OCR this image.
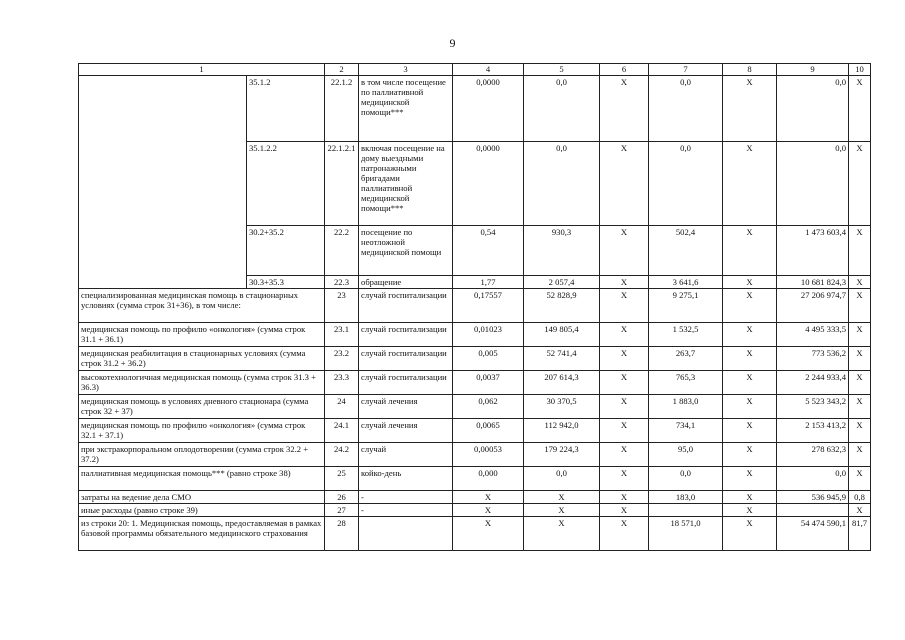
9
1		2	3	4	5	6	7	8	9	10
	35.1.2	22.1.2	в том числе посещение по паллиативной медицинской помощи***	0,0000	0,0	X	0,0	X	0,0	X
	35.1.2.2	22.1.2.1	включая посещение на дому выездными патронажными бригадами паллиативной медицинской помощи***	0,0000	0,0	X	0,0	X	0,0	X
	30.2+35.2	22.2	посещение по неотложной медицинской помощи	0,54	930,3	X	502,4	X	1 473 603,4	X
	30.3+35.3	22.3	обращение	1,77	2 057,4	X	3 641,6	X	10 681 824,3	X
специализированная медицинская помощь в стационарных условиях (сумма строк 31+36), в том числе:		23	случай госпитализации	0,17557	52 828,9	X	9 275,1	X	27 206 974,7	X
медицинская помощь по профилю «онкология» (сумма строк 31.1 + 36.1)		23.1	случай госпитализации	0,01023	149 805,4	X	1 532,5	X	4 495 333,5	X
медицинская реабилитация в стационарных условиях (сумма строк 31.2 + 36.2)		23.2	случай госпитализации	0,005	52 741,4	X	263,7	X	773 536,2	X
высокотехнологичная медицинская помощь (сумма строк 31.3 + 36.3)		23.3	случай госпитализации	0,0037	207 614,3	X	765,3	X	2 244 933,4	X
медицинская помощь в условиях дневного стационара (сумма строк 32 + 37)		24	случай лечения	0,062	30 370,5	X	1 883,0	X	5 523 343,2	X
медицинская помощь по профилю «онкология» (сумма строк 32.1 + 37.1)		24.1	случай лечения	0,0065	112 942,0	X	734,1	X	2 153 413,2	X
при экстракорпоральном оплодотворении (сумма строк 32.2 + 37.2)		24.2	случай	0,00053	179 224,3	X	95,0	X	278 632,3	X
паллиативная медицинская помощь*** (равно строке 38)		25	койко-день	0,000	0,0	X	0,0	X	0,0	X
затраты на ведение дела СМО		26	-	X	X	X	183,0	X	536 945,9	0,8
иные расходы (равно строке 39)		27	-	X	X	X		X		X
из строки 20: 1. Медицинская помощь, предоставляемая в рамках базовой программы обязательного медицинского страхования		28		X	X	X	18 571,0	X	54 474 590,1	81,7
